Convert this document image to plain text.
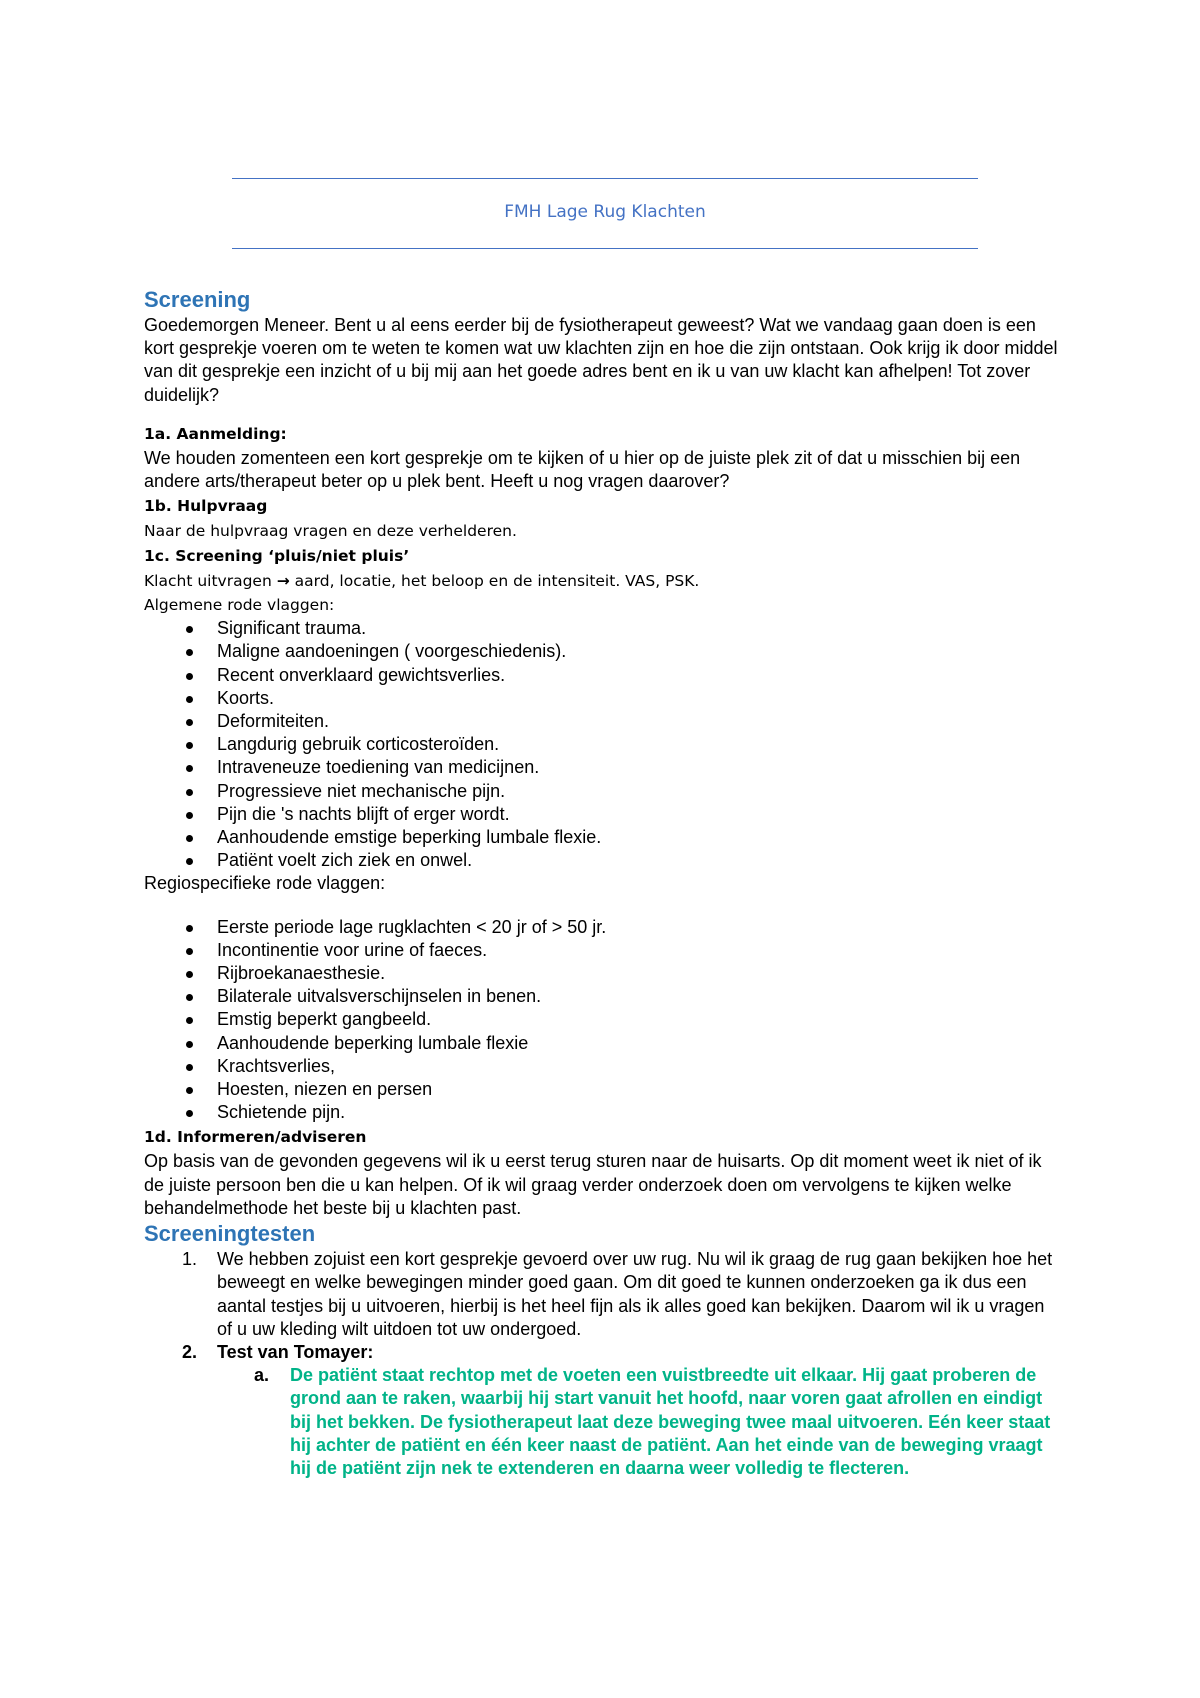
FMH Lage Rug Klachten
Screening

Goedemorgen Meneer. Bent u al eens eerder bij de fysiotherapeut geweest? Wat we vandaag gaan doen is een kort gesprekje voeren om te weten te komen wat uw klachten zijn en hoe die zijn ontstaan. Ook krijg ik door middel van dit gesprekje een inzicht of u bij mij aan het goede adres bent en ik u van uw klacht kan afhelpen! Tot zover duidelijk?

1a. Aanmelding:

We houden zomenteen een kort gesprekje om te kijken of u hier op de juiste plek zit of dat u misschien bij een andere arts/therapeut beter op u plek bent. Heeft u nog vragen daarover?

1b. Hulpvraag

Naar de hulpvraag vragen en deze verhelderen.

1c. Screening ‘pluis/niet pluis’

Klacht uitvragen → aard, locatie, het beloop en de intensiteit. VAS, PSK.

Algemene rode vlaggen:

Significant trauma.
Maligne aandoeningen ( voorgeschiedenis).
Recent onverklaard gewichtsverlies.
Koorts.
Deformiteiten.
Langdurig gebruik corticosteroïden.
Intraveneuze toediening van medicijnen.
Progressieve niet mechanische pijn.
Pijn die 's nachts blijft of erger wordt.
Aanhoudende emstige beperking lumbale flexie.
Patiënt voelt zich ziek en onwel.

Regiospecifieke rode vlaggen:

Eerste periode lage rugklachten < 20 jr of > 50 jr.
Incontinentie voor urine of faeces.
Rijbroekanaesthesie.
Bilaterale uitvalsverschijnselen in benen.
Emstig beperkt gangbeeld.
Aanhoudende beperking lumbale flexie
Krachtsverlies,
Hoesten, niezen en persen
Schietende pijn.

1d. Informeren/adviseren

Op basis van de gevonden gegevens wil ik u eerst terug sturen naar de huisarts. Op dit moment weet ik niet of ik de juiste persoon ben die u kan helpen. Of ik wil graag verder onderzoek doen om vervolgens te kijken welke behandelmethode het beste bij u klachten past.

Screeningtesten
1. We hebben zojuist een kort gesprekje gevoerd over uw rug. Nu wil ik graag de rug gaan bekijken hoe het beweegt en welke bewegingen minder goed gaan. Om dit goed te kunnen onderzoeken ga ik dus een aantal testjes bij u uitvoeren, hierbij is het heel fijn als ik alles goed kan bekijken. Daarom wil ik u vragen of u uw kleding wilt uitdoen tot uw ondergoed.
2. Test van Tomayer:
a. De patiënt staat rechtop met de voeten een vuistbreedte uit elkaar. Hij gaat proberen de grond aan te raken, waarbij hij start vanuit het hoofd, naar voren gaat afrollen en eindigt bij het bekken. De fysiotherapeut laat deze beweging twee maal uitvoeren. Eén keer staat hij achter de patiënt en één keer naast de patiënt. Aan het einde van de beweging vraagt hij de patiënt zijn nek te extenderen en daarna weer volledig te flecteren.
